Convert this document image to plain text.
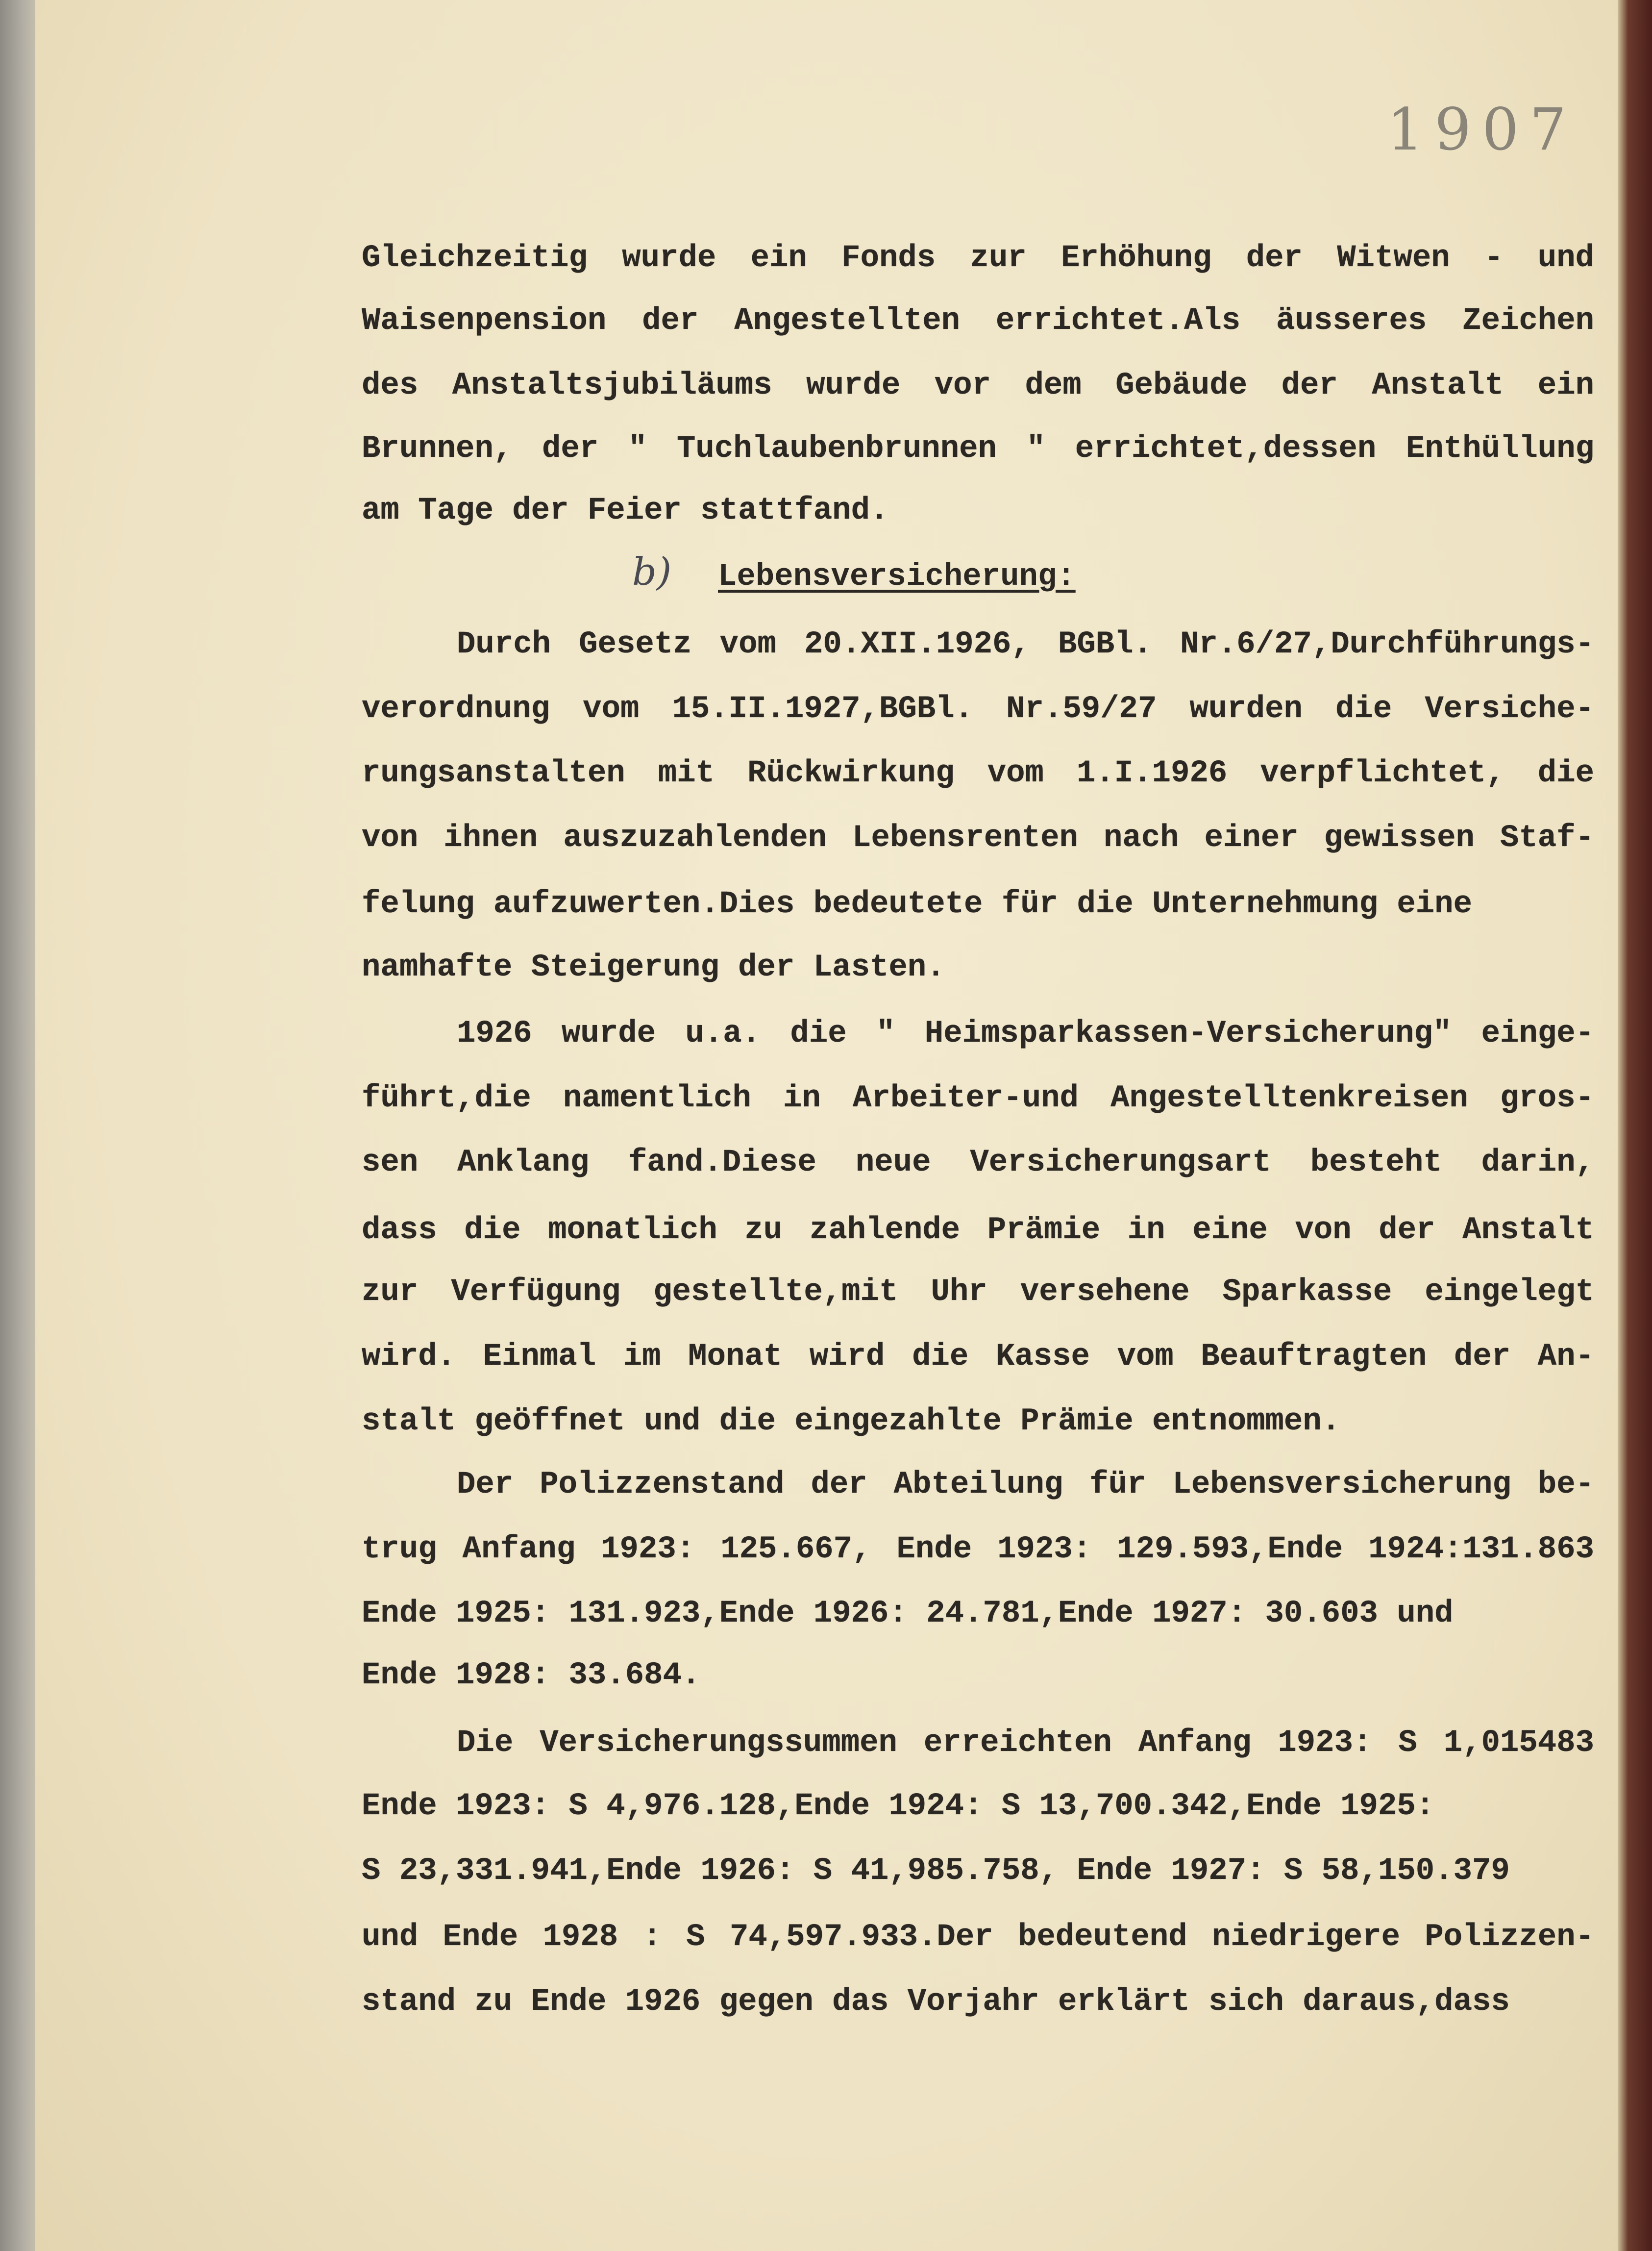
1907
Gleichzeitig wurde ein Fonds zur Erhöhung der Witwen - und
Waisenpension der Angestellten errichtet.Als äusseres Zeichen
des Anstaltsjubiläums wurde vor dem Gebäude der Anstalt ein
Brunnen, der " Tuchlaubenbrunnen " errichtet,dessen Enthüllung
am Tage der Feier stattfand.
b) Lebensversicherung:
Durch Gesetz vom 20.XII.1926, BGBl. Nr.6/27,Durchführungs-
verordnung vom 15.II.1927,BGBl. Nr.59/27 wurden die Versiche-
rungsanstalten mit Rückwirkung vom 1.I.1926 verpflichtet, die
von ihnen auszuzahlenden Lebensrenten nach einer gewissen Staf-
felung aufzuwerten.Dies bedeutete für die Unternehmung eine
namhafte Steigerung der Lasten.
1926 wurde u.a. die " Heimsparkassen-Versicherung" einge-
führt,die namentlich in Arbeiter-und Angestelltenkreisen gros-
sen Anklang fand.Diese neue Versicherungsart besteht darin,
dass die monatlich zu zahlende Prämie in eine von der Anstalt
zur Verfügung gestellte,mit Uhr versehene Sparkasse eingelegt
wird. Einmal im Monat wird die Kasse vom Beauftragten der An-
stalt geöffnet und die eingezahlte Prämie entnommen.
Der Polizzenstand der Abteilung für Lebensversicherung be-
trug Anfang 1923: 125.667, Ende 1923: 129.593,Ende 1924:131.863
Ende 1925: 131.923,Ende 1926: 24.781,Ende 1927: 30.603 und
Ende 1928: 33.684.
Die Versicherungssummen erreichten Anfang 1923: S 1,015483
Ende 1923: S 4,976.128,Ende 1924: S 13,700.342,Ende 1925:
S 23,331.941,Ende 1926: S 41,985.758, Ende 1927: S 58,150.379
und Ende 1928 : S 74,597.933.Der bedeutend niedrigere Polizzen-
stand zu Ende 1926 gegen das Vorjahr erklärt sich daraus,dass
